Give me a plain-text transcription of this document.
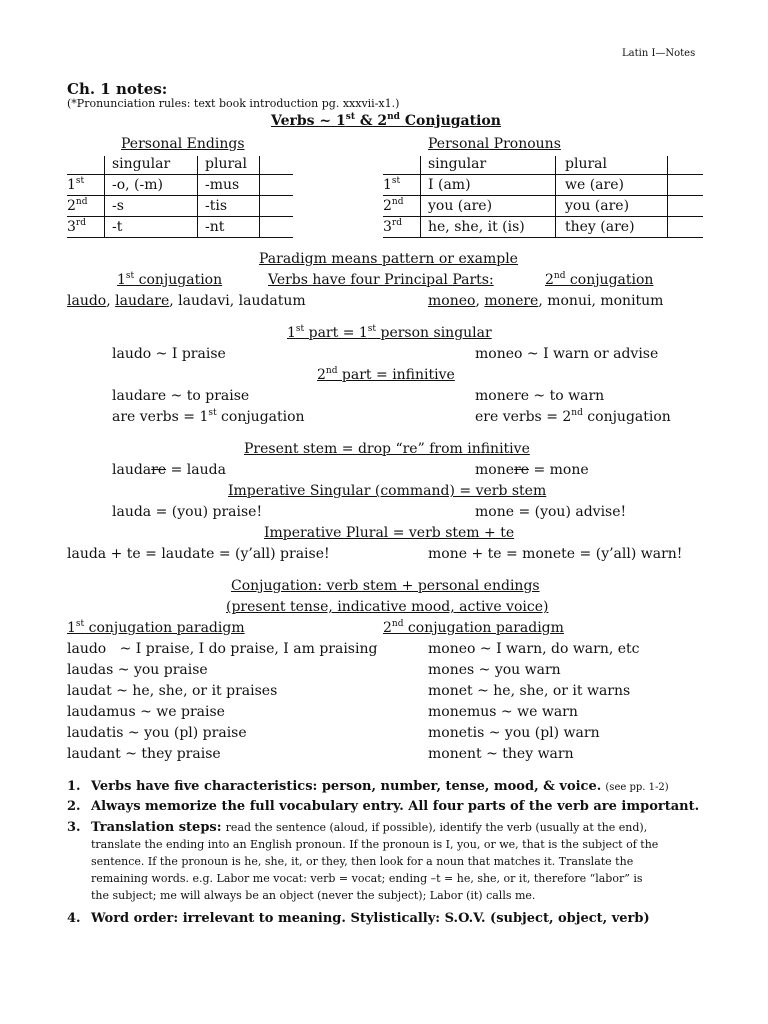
Latin I—Notes
Ch. 1 notes:
(*Pronunciation rules: text book introduction pg. xxxvii-x1.)
Verbs ~ 1st & 2nd Conjugation
Personal Endings
singular plural
1st -o, (-m)	-mus
2nd -s	-tis
3rd -t	-nt
Personal Pronouns
singular	plural
1st I (am)	we (are)
2nd you (are)	you (are)
3rd he, she, it (is)	they (are)
Paradigm means pattern or example
1st conjugation	Verbs have four Principal Parts:	2nd conjugation
laudo, laudare, laudavi, laudatum	moneo, monere, monui, monitum
1st part = 1st person singular
laudo ~ I praise	moneo ~ I warn or advise
2nd part = infinitive
laudare ~ to praise	monere ~ to warn
are verbs = 1st conjugation	ere verbs = 2nd conjugation
Present stem = drop “re” from infinitive
laudare = lauda	monere = mone
Imperative Singular (command) = verb stem
lauda = (you) praise!	mone = (you) advise!
Imperative Plural = verb stem + te
lauda + te = laudate = (y’all) praise!	mone + te = monete = (y’all) warn!
Conjugation: verb stem + personal endings
(present tense, indicative mood, active voice)
1st conjugation paradigm	2nd conjugation paradigm
laudo   ~ I praise, I do praise, I am praising
laudas ~ you praise
laudat ~ he, she, or it praises
laudamus ~ we praise
laudatis ~ you (pl) praise
laudant ~ they praise
moneo ~ I warn, do warn, etc
mones ~ you warn
monet ~ he, she, or it warns
monemus ~ we warn
monetis ~ you (pl) warn
monent ~ they warn
1. Verbs have five characteristics: person, number, tense, mood, & voice. (see pp. 1-2)
2. Always memorize the full vocabulary entry. All four parts of the verb are important.
3. Translation steps: read the sentence (aloud, if possible), identify the verb (usually at the end),
translate the ending into an English pronoun. If the pronoun is I, you, or we, that is the subject of the
sentence. If the pronoun is he, she, it, or they, then look for a noun that matches it. Translate the
remaining words. e.g. Labor me vocat: verb = vocat; ending –t = he, she, or it, therefore “labor” is
the subject; me will always be an object (never the subject); Labor (it) calls me.
4. Word order: irrelevant to meaning. Stylistically: S.O.V. (subject, object, verb)
